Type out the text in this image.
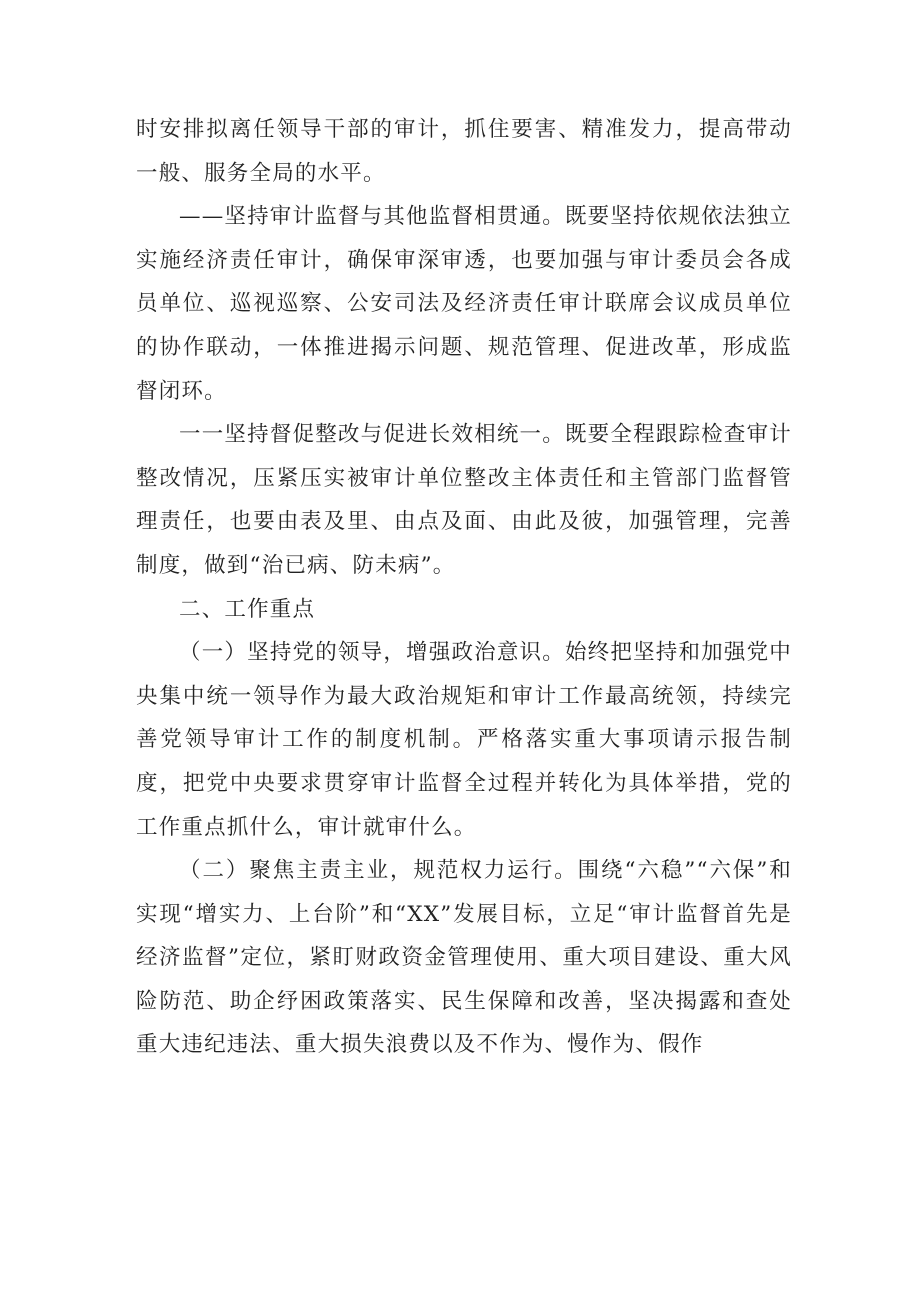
时安排拟离任领导干部的审计，抓住要害、精准发力，提高带动一般、服务全局的水平。

——坚持审计监督与其他监督相贯通。既要坚持依规依法独立实施经济责任审计，确保审深审透，也要加强与审计委员会各成员单位、巡视巡察、公安司法及经济责任审计联席会议成员单位的协作联动，一体推进揭示问题、规范管理、促进改革，形成监督闭环。

一一坚持督促整改与促进长效相统一。既要全程跟踪检查审计整改情况，压紧压实被审计单位整改主体责任和主管部门监督管理责任，也要由表及里、由点及面、由此及彼，加强管理，完善制度，做到“治已病、防未病”。

二、工作重点

（一）坚持党的领导，增强政治意识。始终把坚持和加强党中央集中统一领导作为最大政治规矩和审计工作最高统领，持续完善党领导审计工作的制度机制。严格落实重大事项请示报告制度，把党中央要求贯穿审计监督全过程并转化为具体举措，党的工作重点抓什么，审计就审什么。

（二）聚焦主责主业，规范权力运行。围绕“六稳”“六保”和实现“增实力、上台阶”和“XX”发展目标，立足“审计监督首先是经济监督”定位，紧盯财政资金管理使用、重大项目建设、重大风险防范、助企纾困政策落实、民生保障和改善，坚决揭露和查处重大违纪违法、重大损失浪费以及不作为、慢作为、假作
